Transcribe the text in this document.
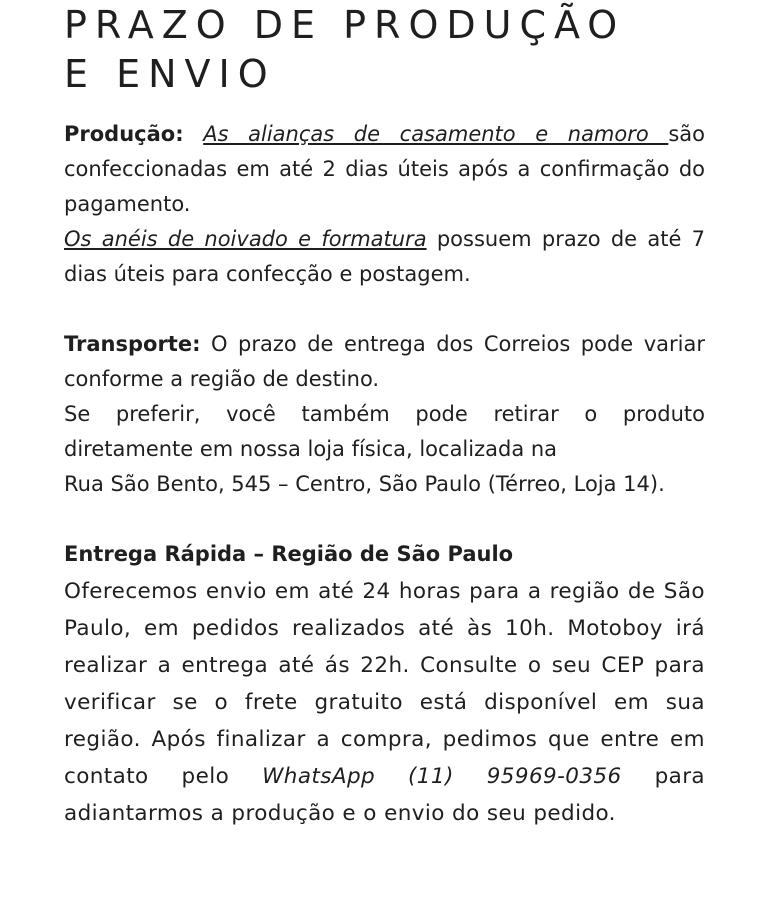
PRAZO DE PRODUÇÃO
E ENVIO

Produção: As alianças de casamento e namoro são confeccionadas em até 2 dias úteis após a confirmação do pagamento.

Os anéis de noivado e formatura possuem prazo de até 7 dias úteis para confecção e postagem.

Transporte: O prazo de entrega dos Correios pode variar conforme a região de destino.

Se preferir, você também pode retirar o produto diretamente em nossa loja física, localizada na

Rua São Bento, 545 – Centro, São Paulo (Térreo, Loja 14).

Entrega Rápida – Região de São Paulo

Oferecemos envio em até 24 horas para a região de São Paulo, em pedidos realizados até às 10h. Motoboy irá realizar a entrega até ás 22h. Consulte o seu CEP para verificar se o frete gratuito está disponível em sua região. Após finalizar a compra, pedimos que entre em contato pelo WhatsApp (11) 95969-0356 para adiantarmos a produção e o envio do seu pedido.
